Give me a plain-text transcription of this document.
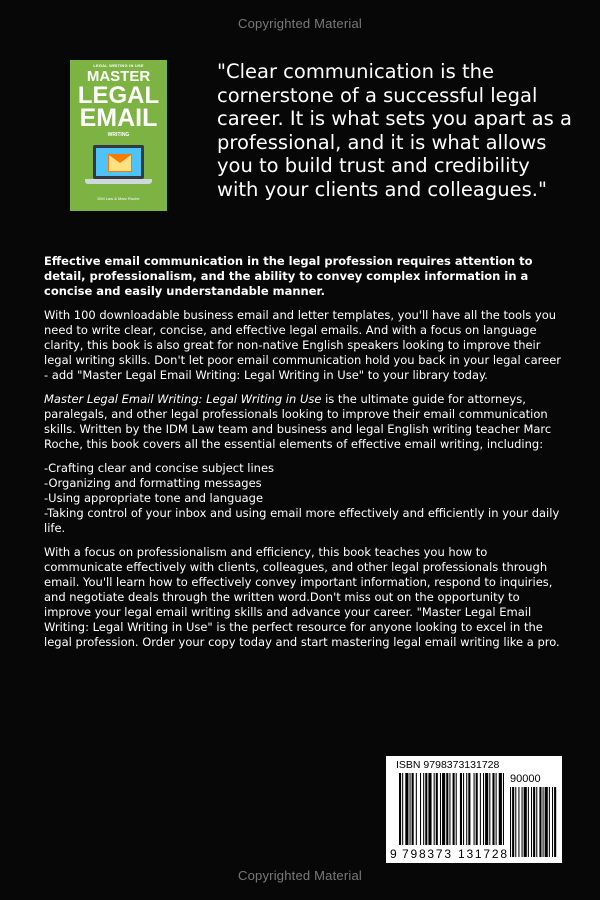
Copyrighted Material
LEGAL WRITING IN USE
MASTER
LEGAL
EMAIL
WRITING
IDM Law & Marc Roche

"Clear communication is the cornerstone of a successful legal career. It is what sets you apart as a professional, and it is what allows you to build trust and credibility with your clients and colleagues."

Effective email communication in the legal profession requires attention to detail, professionalism, and the ability to convey complex information in a concise and easily understandable manner.

With 100 downloadable business email and letter templates, you'll have all the tools you need to write clear, concise, and effective legal emails. And with a focus on language clarity, this book is also great for non-native English speakers looking to improve their legal writing skills. Don't let poor email communication hold you back in your legal career - add "Master Legal Email Writing: Legal Writing in Use" to your library today.

Master Legal Email Writing: Legal Writing in Use is the ultimate guide for attorneys, paralegals, and other legal professionals looking to improve their email communication skills. Written by the IDM Law team and business and legal English writing teacher Marc Roche, this book covers all the essential elements of effective email writing, including:

-Crafting clear and concise subject lines
-Organizing and formatting messages
-Using appropriate tone and language
-Taking control of your inbox and using email more effectively and efficiently in your daily life.

With a focus on professionalism and efficiency, this book teaches you how to communicate effectively with clients, colleagues, and other legal professionals through email. You'll learn how to effectively convey important information, respond to inquiries, and negotiate deals through the written word.Don't miss out on the opportunity to improve your legal email writing skills and advance your career. "Master Legal Email Writing: Legal Writing in Use" is the perfect resource for anyone looking to excel in the legal profession. Order your copy today and start mastering legal email writing like a pro.

ISBN 9798373131728
90000
9 798373 131728
Copyrighted Material
